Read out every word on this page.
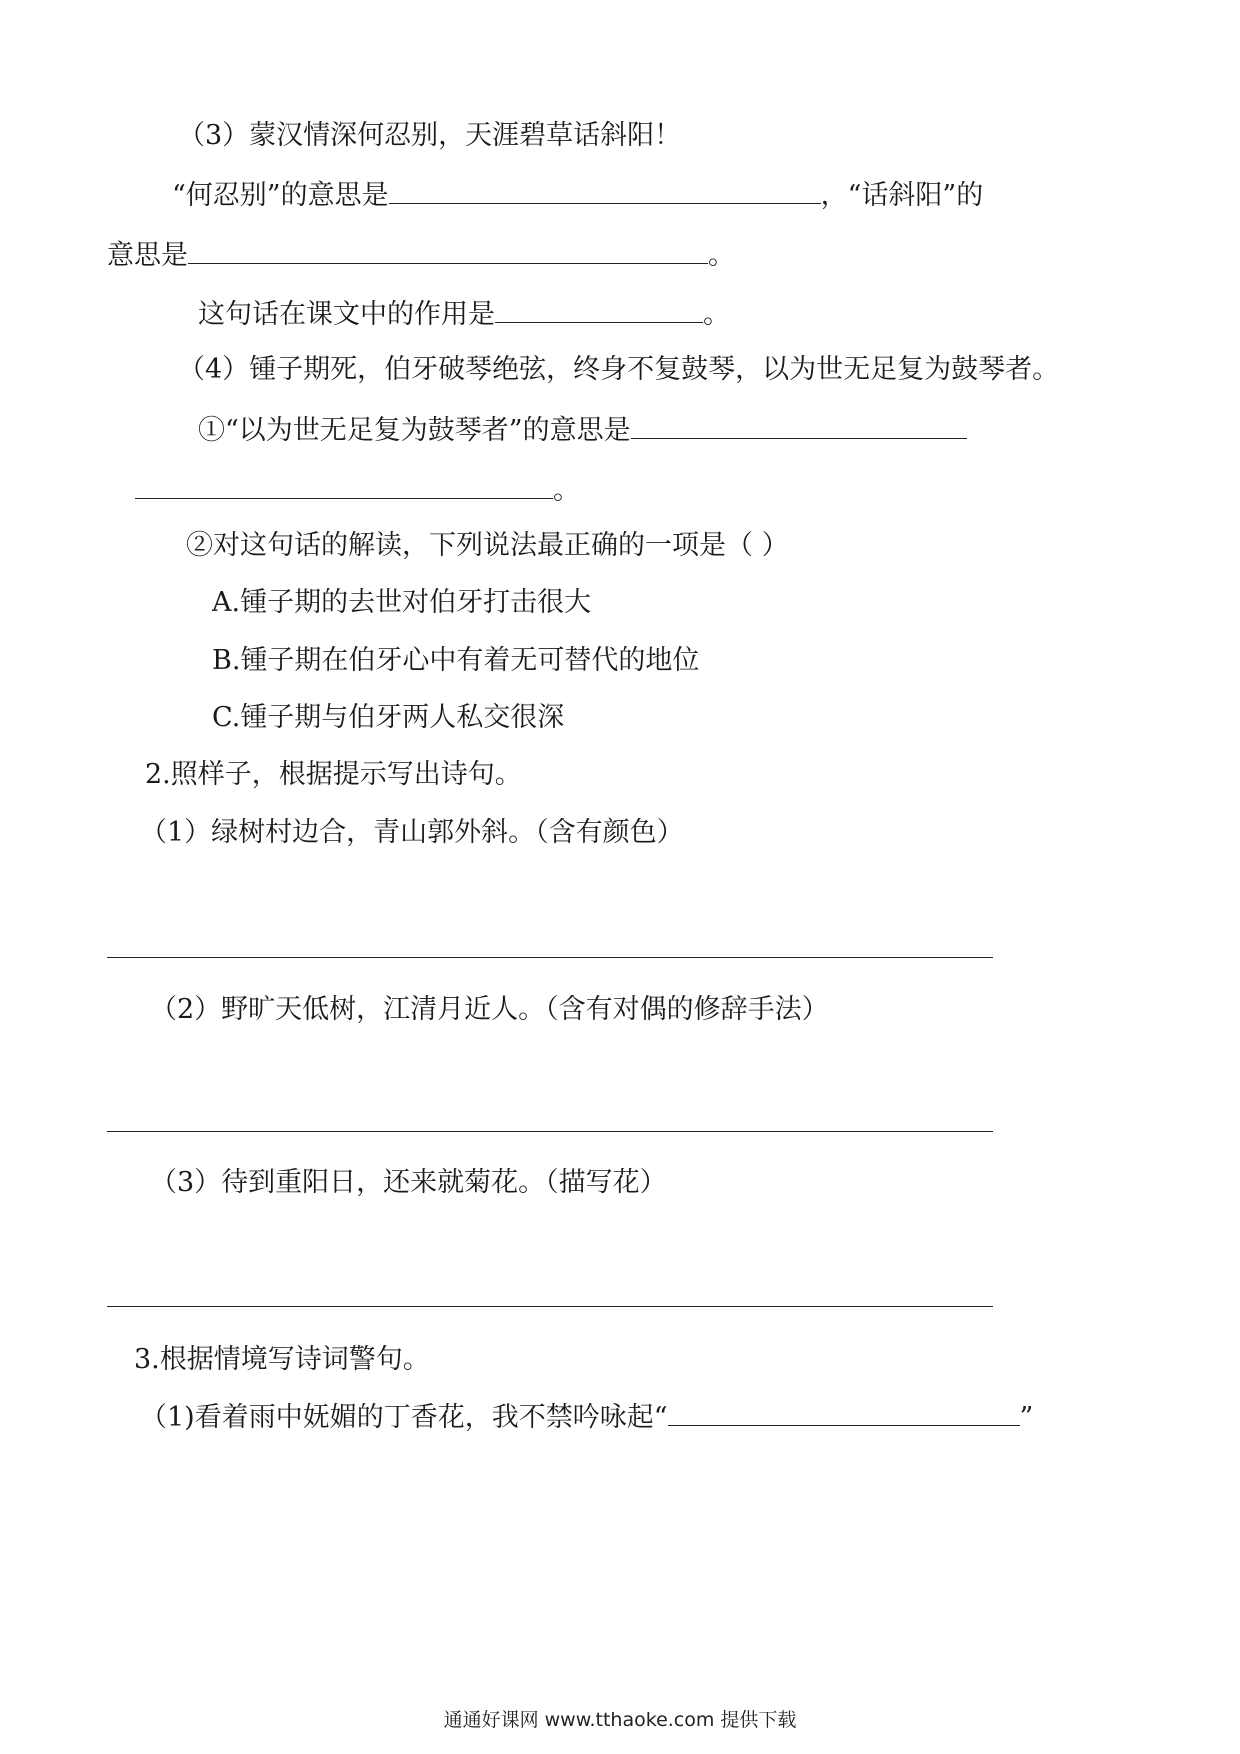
（3）蒙汉情深何忍别，天涯碧草话斜阳！
“何忍别”的意思是	，“话斜阳”的
意思是	。
这句话在课文中的作用是	。
（4）锺子期死，伯牙破琴绝弦，终身不复鼓琴，以为世无足复为鼓琴者。
①“以为世无足复为鼓琴者”的意思是
。
②对这句话的解读，下列说法最正确的一项是（ ）
A.锺子期的去世对伯牙打击很大
B.锺子期在伯牙心中有着无可替代的地位
C.锺子期与伯牙两人私交很深
2.照样子，根据提示写出诗句。
（1）绿树村边合，青山郭外斜。（含有颜色）
（2）野旷天低树，江清月近人。（含有对偶的修辞手法）
（3）待到重阳日，还来就菊花。（描写花）
3.根据情境写诗词警句。
（1)看着雨中妩媚的丁香花，我不禁吟咏起“	”
通通好课网 www.tthaoke.com 提供下载
